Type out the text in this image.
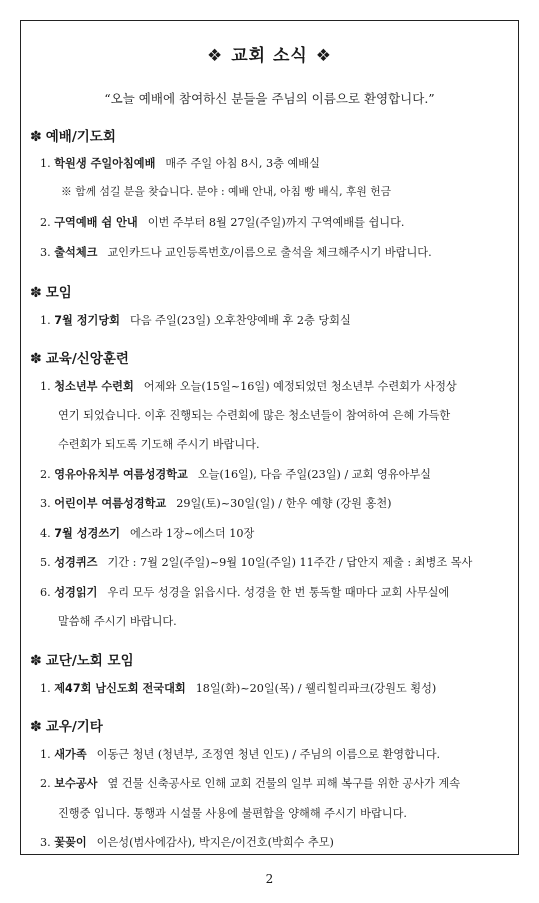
❖ 교회 소식 ❖
“오늘 예배에 참여하신 분들을 주님의 이름으로 환영합니다.”
✽ 예배/기도회
1. 학원생 주일아침예배 매주 주일 아침 8시, 3층 예배실
※ 함께 섬길 분을 찾습니다. 분야 : 예배 안내, 아침 빵 배식, 후원 헌금
2. 구역예배 쉼 안내 이번 주부터 8월 27일(주일)까지 구역예배를 쉽니다.
3. 출석체크 교인카드나 교인등록번호/이름으로 출석을 체크해주시기 바랍니다.
✽ 모임
1. 7월 정기당회 다음 주일(23일) 오후찬양예배 후 2층 당회실
✽ 교육/신앙훈련
1. 청소년부 수련회 어제와 오늘(15일~16일) 예정되었던 청소년부 수련회가 사정상
연기 되었습니다. 이후 진행되는 수련회에 많은 청소년들이 참여하여 은혜 가득한
수련회가 되도록 기도해 주시기 바랍니다.
2. 영유아유치부 여름성경학교 오늘(16일), 다음 주일(23일) / 교회 영유아부실
3. 어린이부 여름성경학교 29일(토)~30일(일) / 한우 예향 (강원 홍천)
4. 7월 성경쓰기 에스라 1장~에스더 10장
5. 성경퀴즈 기간 : 7월 2일(주일)~9월 10일(주일) 11주간 / 답안지 제출 : 최병조 목사
6. 성경읽기 우리 모두 성경을 읽읍시다. 성경을 한 번 통독할 때마다 교회 사무실에
말씀해 주시기 바랍니다.
✽ 교단/노회 모임
1. 제47회 남신도회 전국대회 18일(화)~20일(목) / 웰리힐리파크(강원도 횡성)
✽ 교우/기타
1. 새가족 이동근 청년 (청년부, 조정연 청년 인도) / 주님의 이름으로 환영합니다.
2. 보수공사 옆 건물 신축공사로 인해 교회 건물의 일부 피해 복구를 위한 공사가 계속
진행중 입니다. 통행과 시설물 사용에 불편함을 양해해 주시기 바랍니다.
3. 꽃꽂이 이은성(범사에감사), 박지은/이건호(박희수 추모)
2
